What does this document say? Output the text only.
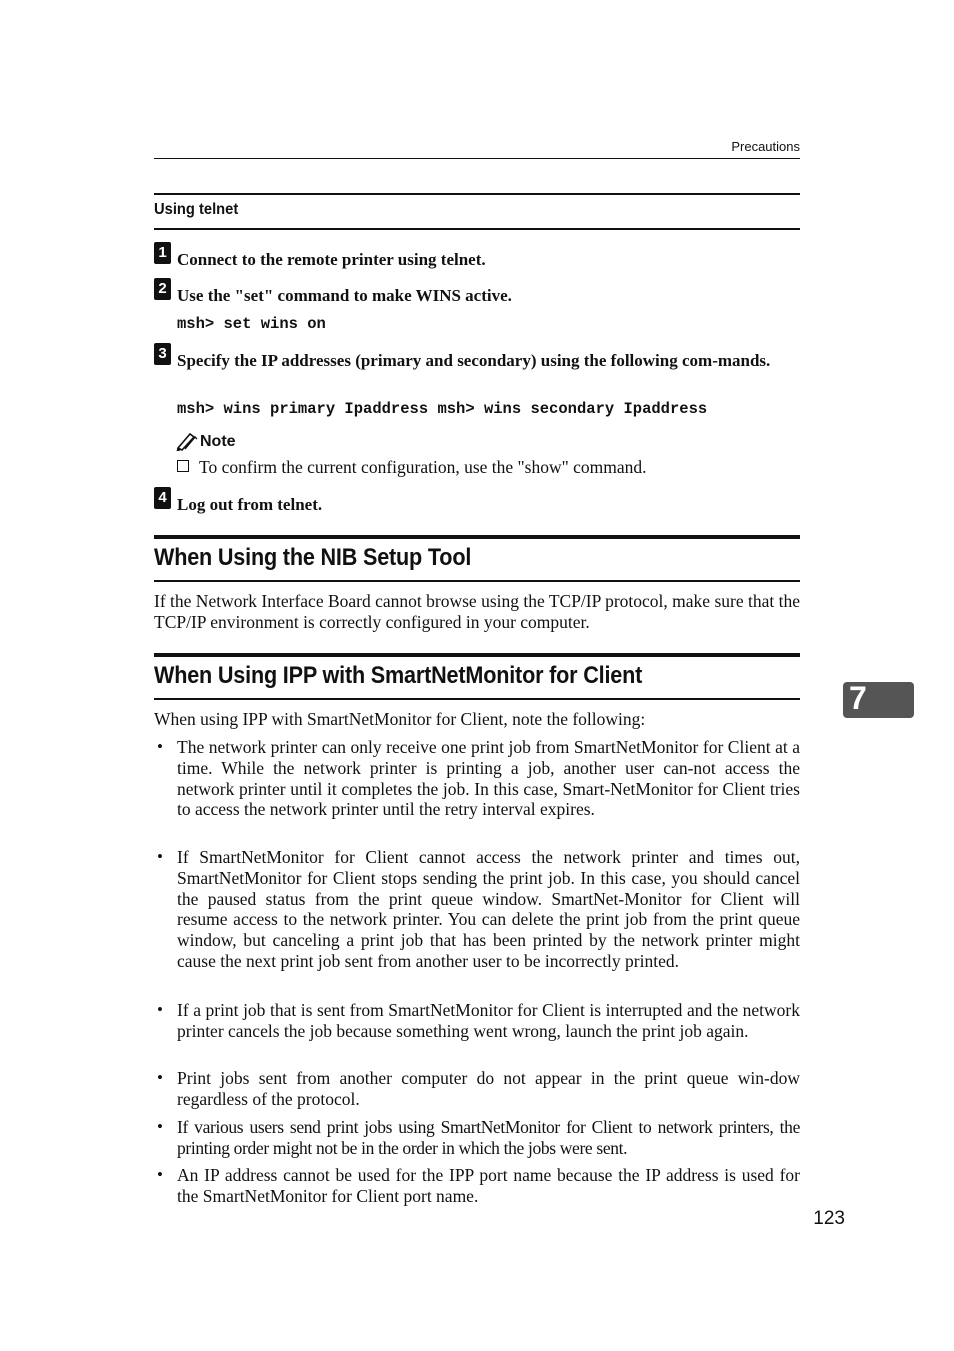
Precautions
Using telnet
1 Connect to the remote printer using telnet.
2 Use the "set" command to make WINS active.
msh> set wins on
3 Specify the IP addresses (primary and secondary) using the following com-mands.
msh> wins primary Ipaddress msh> wins secondary Ipaddress
Note
To confirm the current configuration, use the "show" command.
4 Log out from telnet.
When Using the NIB Setup Tool
If the Network Interface Board cannot browse using the TCP/IP protocol, make sure that the TCP/IP environment is correctly configured in your computer.
When Using IPP with SmartNetMonitor for Client
When using IPP with SmartNetMonitor for Client, note the following:
• The network printer can only receive one print job from SmartNetMonitor for Client at a time. While the network printer is printing a job, another user can-not access the network printer until it completes the job. In this case, Smart-NetMonitor for Client tries to access the network printer until the retry interval expires.
• If SmartNetMonitor for Client cannot access the network printer and times out, SmartNetMonitor for Client stops sending the print job. In this case, you should cancel the paused status from the print queue window. SmartNet-Monitor for Client will resume access to the network printer. You can delete the print job from the print queue window, but canceling a print job that has been printed by the network printer might cause the next print job sent from another user to be incorrectly printed.
• If a print job that is sent from SmartNetMonitor for Client is interrupted and the network printer cancels the job because something went wrong, launch the print job again.
• Print jobs sent from another computer do not appear in the print queue win-dow regardless of the protocol.
• If various users send print jobs using SmartNetMonitor for Client to network printers, the printing order might not be in the order in which the jobs were sent.
• An IP address cannot be used for the IPP port name because the IP address is used for the SmartNetMonitor for Client port name.
7
123
